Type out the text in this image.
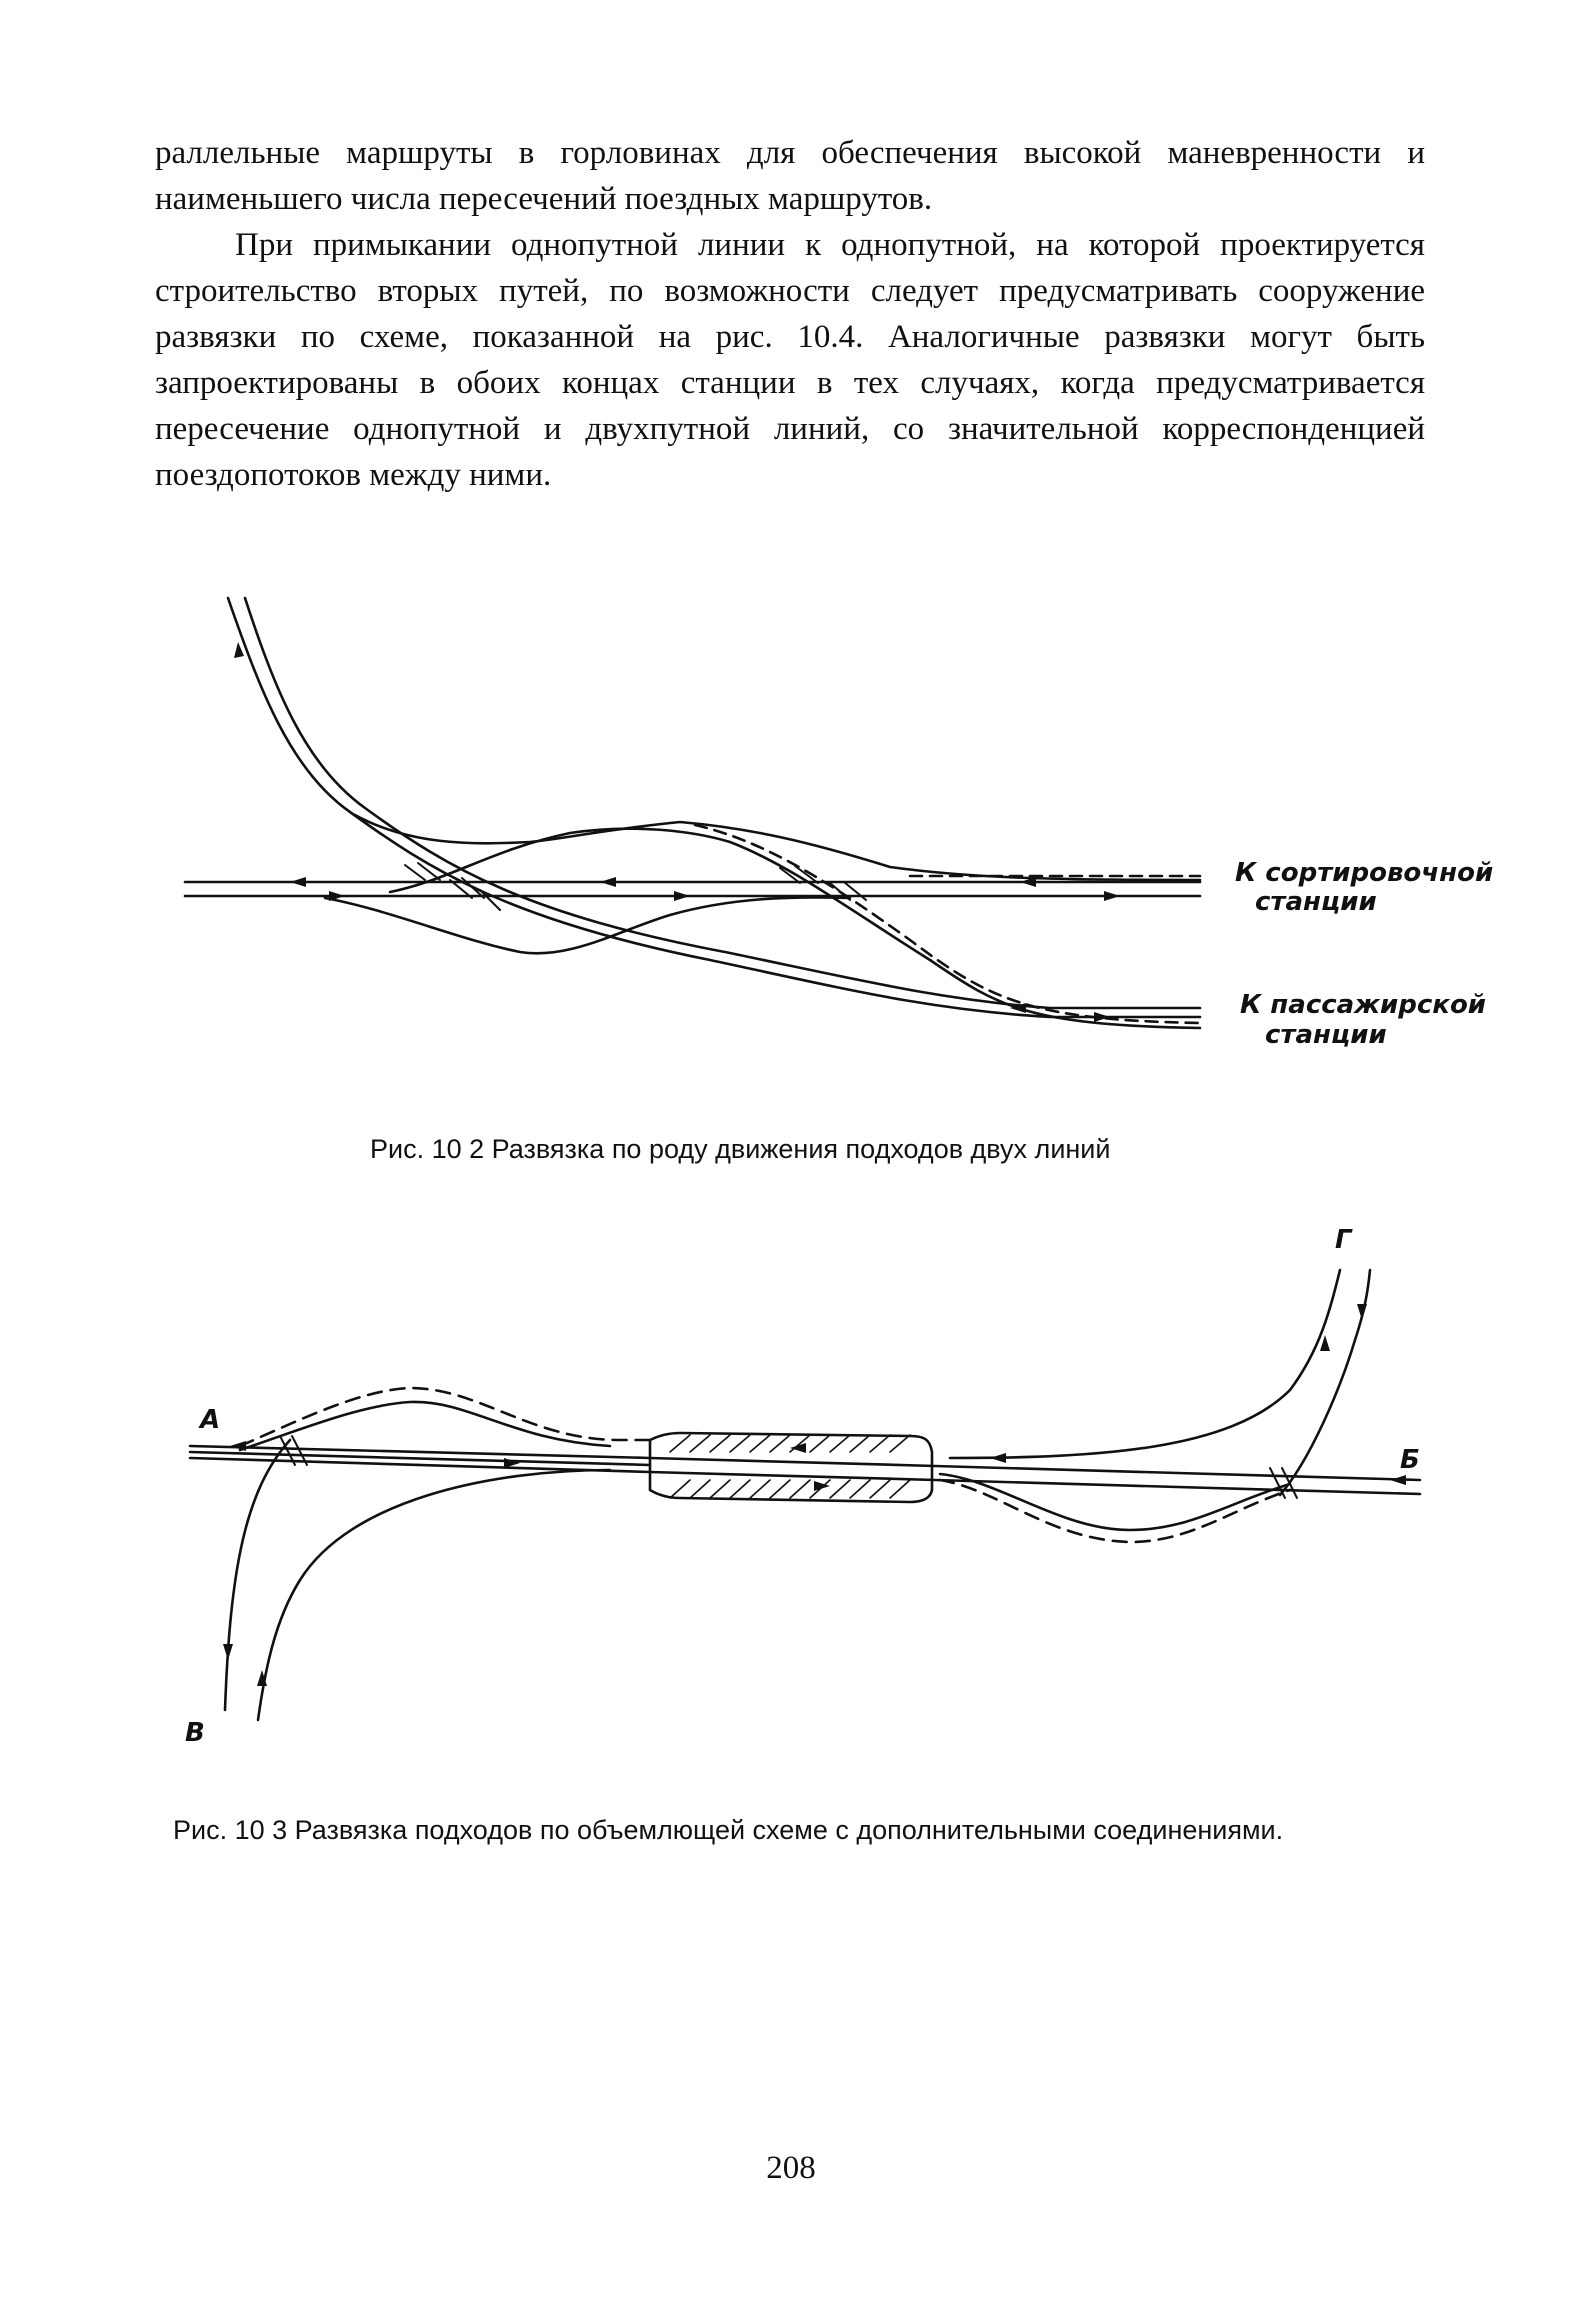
раллельные маршруты в горловинах для обеспечения высокой маневренности и наименьшего числа пересечений поездных маршрутов.

При примыкании однопутной линии к однопутной, на которой проектируется строительство вторых путей, по возможности следует предусматривать сооружение развязки по схеме, показанной на рис. 10.4. Аналогичные развязки могут быть запроектированы в обоих концах станции в тех случаях, когда предусматривается пересечение однопутной и двухпутной линий, со значительной корреспонденцией поездопотоков между ними.

К сортировочной
станции
К пассажирской
станции
Рис. 10 2 Развязка по роду движения подходов двух линий
А
Б
В
Г
Рис. 10 3 Развязка подходов по объемлющей схеме с дополнительными соединениями.
208
